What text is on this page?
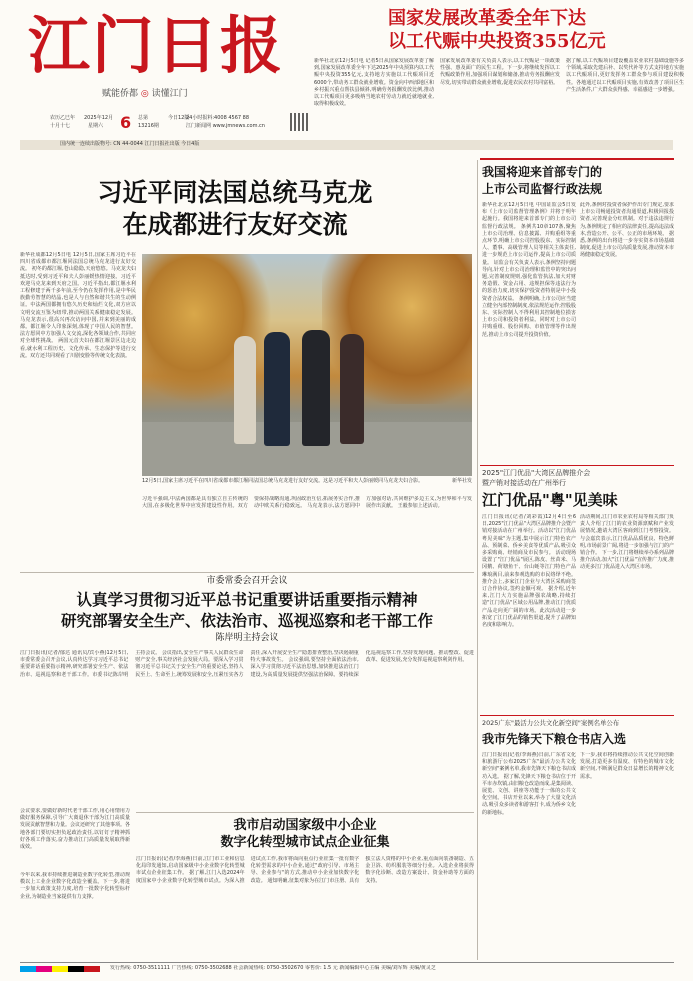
江门日报
赋能侨都 ◎ 读懂江门
国家发展改革委全年下达
以工代赈中央投资355亿元
新华社北京12月5日电 记者5日从国家发展改革委了解到,国家发展改革委全年下达2025年中央预算内以工代赈中央投资355亿元,支持地方实施以工代赈项目近6000个,带动务工群众就业增收。资金向中西部地区和乡村振兴重点帮扶县倾斜,明确劳务报酬发放比例,推动以工代赈项目更多吸纳当地农村劳动力就近就地就业,取得积极成效。
国家发展改革委有关负责人表示,以工代赈是一项政策性强、惠及面广的民生工程。下一步,将继续发挥以工代赈政策作用,加强项目谋划和储备,推动劳务报酬应发尽发,切实带动群众就业增收,促进农民农村共同富裕。
据了解,以工代赈项目建设覆盖农业农村基础设施等多个领域,采取先建后补、以奖代补等方式支持地方实施以工代赈项目,更好发挥务工群众参与项目建设积极性。各地通过以工代赈项目实施,有效改善了项目区生产生活条件,广大群众获得感、幸福感进一步增强。
农历乙巳年
十月十七
2025年12月
星期六 6 总第
13216期
今日12版
24小时报料:4008 4567 88
江门新闻网 www.jmnews.com.cn
国内统一连续出版物号: CN 44-0044 江门日报社出版 今日4版
习近平同法国总统马克龙
在成都进行友好交流
新华社成都12月5日电 12月5日,国家主席习近平在四川省成都市都江堰同法国总统马克龙进行友好交流。 初冬的都江堰,苍山隐隐,天府悠悠。马克龙夫妇抵达时,受到习近平和夫人彭丽媛热情迎接。习近平欢迎马克龙来到天府之国。习近平指出,都江堰水利工程修建于两千多年前,至今仍在发挥作用,是中华民族勤劳智慧的结晶,也是人与自然和谐共生的生动例证。中法两国都拥有悠久历史和灿烂文化,双方应以文明交流互鉴为纽带,推动两国关系健康稳定发展。 马克龙表示,很高兴再次访问中国,并来到美丽的成都。都江堰令人印象深刻,体现了中国人民的智慧。法方愿同中方加强人文交流,深化各领域合作,共同应对全球性挑战。 两国元首夫妇在都江堰景区边走边看,就水利工程历史、文化传承、生态保护等进行交流。双方还共同观看了川剧变脸等传统文化表演。
12月5日,国家主席习近平在四川省成都市都江堰同法国总统马克龙进行友好交流。这是习近平和夫人彭丽媛同马克龙夫妇合影。	新华社发
习近平强调,中法两国都是具有独立自主传统的大国,在多极化世界中应发挥建设性作用。双方要保持战略沟通,巩固政治互信,拓展务实合作,推动中欧关系行稳致远。 马克龙表示,法方愿同中方加强对话,共同维护多边主义,为世界和平与发展作出贡献。 王毅参加上述活动。
我国将迎来首部专门的
上市公司监督行政法规
新华社北京12月5日电 中国证监会5日发布《上市公司监督管理条例》并将于明年起施行。我国将迎来首部专门的上市公司监督行政法规。 条例共10章107条,聚焦上市公司治理、信息披露、并购重组等重点环节,明确上市公司控股股东、实际控制人、董事、高级管理人员等相关主体责任,进一步规范上市公司运作,提高上市公司质量。 证监会有关负责人表示,条例坚持问题导向,针对上市公司治理和监管中的突出问题,完善制度规则,强化监管执法,加大对财务造假、资金占用、违规担保等违法行为的惩治力度,切实保护投资者特别是中小投资者合法权益。 条例明确,上市公司应当建立健全内部控制制度,依法规范运作;控股股东、实际控制人不得利用其控制地位损害上市公司和投资者利益。同时对上市公司并购重组、股份回购、市值管理等作出规范,推动上市公司提升投资价值。
此外,条例对投资者保护作出专门规定,要求上市公司畅通投资者沟通渠道,积极回报投资者,完善现金分红机制。对于违法违规行为,条例规定了相应的法律责任,提高违法成本,营造公开、公平、公正的市场环境。 据悉,条例的出台将进一步夯实资本市场基础制度,促进上市公司高质量发展,推动资本市场健康稳定发展。
2025"江门优品"大湾区品牌推介会
暨产销对接活动在广州举行
江门优品"粤"见美味
江门日报讯(记者/刘彩霞)12月4日至6日,2025"江门优品"大湾区品牌推介会暨产销对接活动在广州举行。活动以"江门优品 粤见美味"为主题,集中展示江门特色农产品、预制菜、侨乡美食等优质产品,吸引众多采购商、经销商及市民参与。 活动现场设置了"江门优品"展区,陈皮、丝苗米、马冈鹅、荷塘鱼干、台山蚝等江门特色产品琳琅满目,前来参观选购的市民络绎不绝。推介会上,多家江门企业与大湾区采购商签订合作协议,签约金额可观。 据介绍,近年来,江门大力实施品牌强农战略,持续打造"江门优品"区域公用品牌,推动江门优质产品走向更广阔的市场。此次活动进一步拓宽了江门优品的销售渠道,提升了品牌知名度和影响力。
活动期间,江门市农业农村局等相关部门负责人介绍了江门的农业资源禀赋和产业发展情况,邀请大湾区客商到江门考察投资。与会嘉宾表示,江门优品品质优良、特色鲜明,市场前景广阔,将进一步加强与江门的产销合作。 下一步,江门将继续举办系列品牌推介活动,加大"江门优品"宣传推广力度,推动更多江门优品进入大湾区市场。
市委常委会召开会议
认真学习贯彻习近平总书记重要讲话重要指示精神
研究部署安全生产、依法治市、巡视巡察和老干部工作
陈岸明主持会议
江门日报讯(记者/郁达 通讯员/宾小燕)12月5日,市委常委会召开会议,认真传达学习习近平总书记重要讲话重要指示精神,研究部署安全生产、依法治市、巡视巡察和老干部工作。市委书记陈岸明主持会议。 会议指出,安全生产事关人民群众生命财产安全,事关经济社会发展大局。要深入学习贯彻习近平总书记关于安全生产的重要论述,坚持人民至上、生命至上,统筹发展和安全,压紧压实各方责任,深入开展安全生产隐患排查整治,坚决遏制重特大事故发生。 会议强调,要坚持全面依法治市,深入学习贯彻习近平法治思想,加快推进法治江门建设,为高质量发展提供坚强法治保障。要持续深化巡视巡察工作,坚持发现问题、推动整改、促进改革、促进发展,充分发挥巡视巡察利剑作用。
会议要求,要做好新时代老干部工作,用心用情用力做好服务保障,引导广大离退休干部为江门高质量发展贡献智慧和力量。会议还研究了其他事项。各地各部门要切实担负起政治责任,以钉钉子精神抓好各项工作落实,奋力推动江门高质量发展取得新成效。
我市启动国家级中小企业
数字化转型城市试点企业征集
江门日报讯(记者/李海燕)日前,江门市工业和信息化局印发通知,启动国家级中小企业数字化转型城市试点企业征集工作。 据了解,江门入选2024年度国家中小企业数字化转型城市试点。为深入推进试点工作,我市将面向重点行业征集一批有数字化转型需求的中小企业,通过"政府引导、市场主导、企业参与"的方式,推动中小企业加快数字化改造。 通知明确,征集对象为在江门市注册、具有独立法人资格的中小企业,重点面向装备制造、五金卫浴、纺织服装等细分行业。入选企业将获得数字化诊断、改造方案设计、资金补助等方面的支持。
今年以来,我市持续推进制造业数字化转型,推动规模以上工业企业数字化改造全覆盖。下一步,将进一步加大政策支持力度,培育一批数字化转型标杆企业,为制造业当家提供有力支撑。
2025广东"最活力公共文化新空间"案例名单公布
我市先锋天下粮仓书店入选
江门日报讯(记者/李海燕)日前,广东省文化和旅游厅公布2025广东"最活力公共文化新空间"案例名单,我市先锋天下粮仓书店成功入选。 据了解,先锋天下粮仓书店位于开平市赤坎镇,由旧粮仓改造而成,是集阅读、展览、文创、讲座等功能于一体的公共文化空间。书店开业以来,举办了大量文化活动,吸引众多读者和游客打卡,成为侨乡文化的新地标。
下一步,我市将持续推动公共文化空间创新发展,打造更多有温度、有特色的城市文化新空间,不断满足群众日益增长的精神文化需求。
发行热线: 0750-3511111 广告热线: 0750-3502688 社会新闻热线: 0750-3502670 零售价: 1.5 元 新闻编辑中心主编 美编/刘军辉 美编/黄灵芝
